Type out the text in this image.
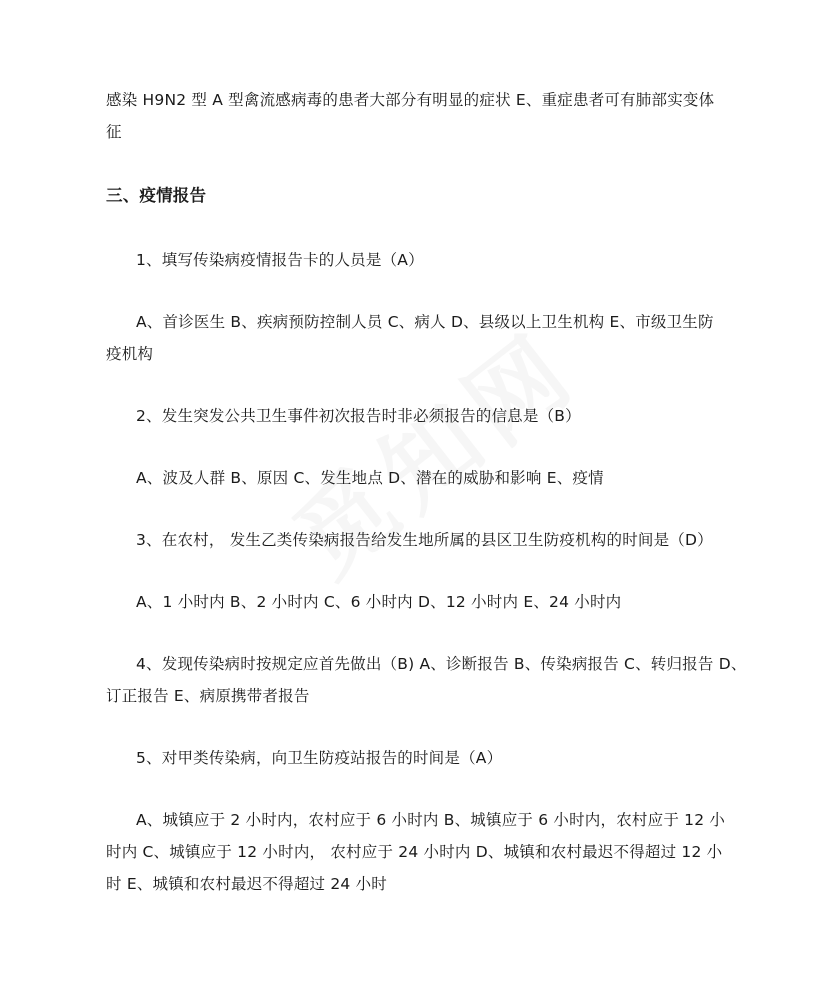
感染 H9N2 型 A 型禽流感病毒的患者大部分有明显的症状 E、重症患者可有肺部实变体
征
三、疫情报告
1、填写传染病疫情报告卡的人员是（A）
A、首诊医生 B、疾病预防控制人员 C、病人 D、县级以上卫生机构 E、市级卫生防
疫机构
2、发生突发公共卫生事件初次报告时非必须报告的信息是（B）
A、波及人群 B、原因 C、发生地点 D、潜在的威胁和影响 E、疫情
3、在农村， 发生乙类传染病报告给发生地所属的县区卫生防疫机构的时间是（D）
A、1 小时内 B、2 小时内 C、6 小时内 D、12 小时内 E、24 小时内
4、发现传染病时按规定应首先做出（B) A、诊断报告 B、传染病报告 C、转归报告 D、
订正报告 E、病原携带者报告
5、对甲类传染病，向卫生防疫站报告的时间是（A）
A、城镇应于 2 小时内，农村应于 6 小时内 B、城镇应于 6 小时内，农村应于 12 小
时内 C、城镇应于 12 小时内， 农村应于 24 小时内 D、城镇和农村最迟不得超过 12 小
时 E、城镇和农村最迟不得超过 24 小时
